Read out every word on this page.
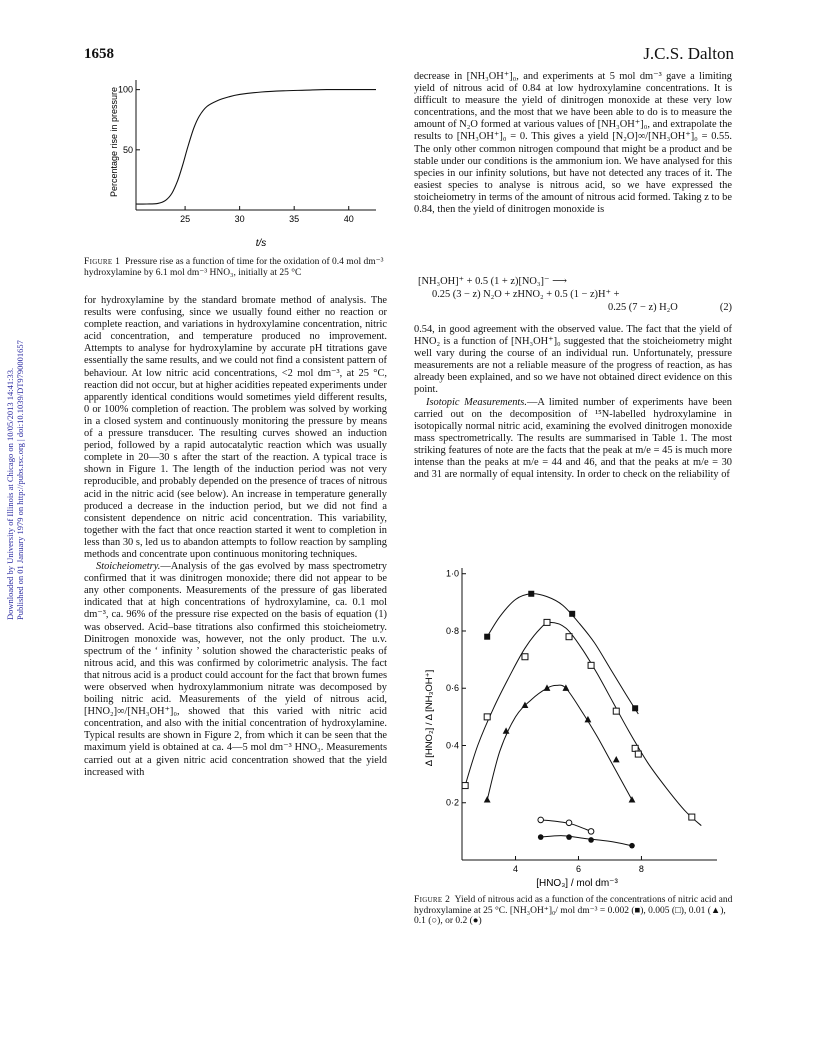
Downloaded by University of Illinois at Chicago on 10/05/2013 14:41:33. Published on 01 January 1979 on http://pubs.rsc.org | doi:10.1039/DT9790001657
1658	J.C.S. Dalton
Percentage rise in pressure
t/s
25	30	35	40
50
100
Figure 1 Pressure rise as a function of time for the oxidation of 0.4 mol dm⁻³ hydroxylamine by 6.1 mol dm⁻³ HNO₃, initially at 25 °C

for hydroxylamine by the standard bromate method of analysis. The results were confusing, since we usually found either no reaction or complete reaction, and variations in hydroxylamine concentration, nitric acid concentration, and temperature produced no improvement. Attempts to analyse for hydroxylamine by accurate pH titrations gave essentially the same results, and we could not find a consistent pattern of behaviour. At low nitric acid concentrations, <2 mol dm⁻³, at 25 °C, reaction did not occur, but at higher acidities repeated experiments under apparently identical conditions would sometimes yield different results, 0 or 100% completion of reaction. The problem was solved by working in a closed system and continuously monitoring the pressure by means of a pressure transducer. The resulting curves showed an induction period, followed by a rapid autocatalytic reaction which was usually complete in 20—30 s after the start of the reaction. A typical trace is shown in Figure 1. The length of the induction period was not very reproducible, and probably depended on the presence of traces of nitrous acid in the nitric acid (see below). An increase in temperature generally produced a decrease in the induction period, but we did not find a consistent dependence on nitric acid concentration. This variability, together with the fact that once reaction started it went to completion in less than 30 s, led us to abandon attempts to follow reaction by sampling methods and concentrate upon continuous monitoring techniques.

Stoicheiometry.—Analysis of the gas evolved by mass spectrometry confirmed that it was dinitrogen monoxide; there did not appear to be any other components. Measurements of the pressure of gas liberated indicated that at high concentrations of hydroxylamine, ca. 0.1 mol dm⁻³, ca. 96% of the pressure rise expected on the basis of equation (1) was observed. Acid–base titrations also confirmed this stoicheiometry. Dinitrogen monoxide was, however, not the only product. The u.v. spectrum of the ‘ infinity ’ solution showed the characteristic peaks of nitrous acid, and this was confirmed by colorimetric analysis. The fact that nitrous acid is a product could account for the fact that brown fumes were observed when hydroxylammonium nitrate was decomposed by boiling nitric acid. Measurements of the yield of nitrous acid, [HNO₂]∞/[NH₃OH⁺]₀, showed that this varied with nitric acid concentration, and also with the initial concentration of hydroxylamine. Typical results are shown in Figure 2, from which it can be seen that the maximum yield is obtained at ca. 4—5 mol dm⁻³ HNO₃. Measurements carried out at a given nitric acid concentration showed that the yield increased with

decrease in [NH₃OH⁺]₀, and experiments at 5 mol dm⁻³ gave a limiting yield of nitrous acid of 0.84 at low hydroxylamine concentrations. It is difficult to measure the yield of dinitrogen monoxide at these very low concentrations, and the most that we have been able to do is to measure the amount of N₂O formed at various values of [NH₃OH⁺]₀, and extrapolate the results to [NH₃OH⁺]₀ = 0. This gives a yield [N₂O]∞/[NH₃OH⁺]₀ = 0.55. The only other common nitrogen compound that might be a product and be stable under our conditions is the ammonium ion. We have analysed for this species in our infinity solutions, but have not detected any traces of it. The easiest species to analyse is nitrous acid, so we have expressed the stoicheiometry in terms of the amount of nitrous acid formed. Taking z to be 0.84, then the yield of dinitrogen monoxide is

[NH₃OH]⁺ + 0.5 (1 + z)[NO₃]⁻ ⟶
0.25 (3 − z) N₂O + zHNO₂ + 0.5 (1 − z)H⁺ +
0.25 (7 − z) H₂O	(2)

0.54, in good agreement with the observed value. The fact that the yield of HNO₂ is a function of [NH₃OH⁺]₀ suggested that the stoicheiometry might well vary during the course of an individual run. Unfortunately, pressure measurements are not a reliable measure of the progress of reaction, as has already been explained, and so we have not obtained direct evidence on this point.

Isotopic Measurements.—A limited number of experiments have been carried out on the decomposition of ¹⁵N-labelled hydroxylamine in isotopically normal nitric acid, examining the evolved dinitrogen monoxide mass spectrometrically. The results are summarised in Table 1. The most striking features of note are the facts that the peak at m/e = 45 is much more intense than the peaks at m/e = 44 and 46, and that the peaks at m/e = 30 and 31 are normally of equal intensity. In order to check on the reliability of

Δ [HNO₂] / Δ [NH₃OH⁺]
[HNO₃] / mol dm⁻³
4	6	8
0·2
0·4
0·6
0·8
1·0
Figure 2 Yield of nitrous acid as a function of the concentrations of nitric acid and hydroxylamine at 25 °C. [NH₃OH⁺]₀/ mol dm⁻³ = 0.002 (■), 0.005 (□), 0.01 (▲), 0.1 (○), or 0.2 (●)
